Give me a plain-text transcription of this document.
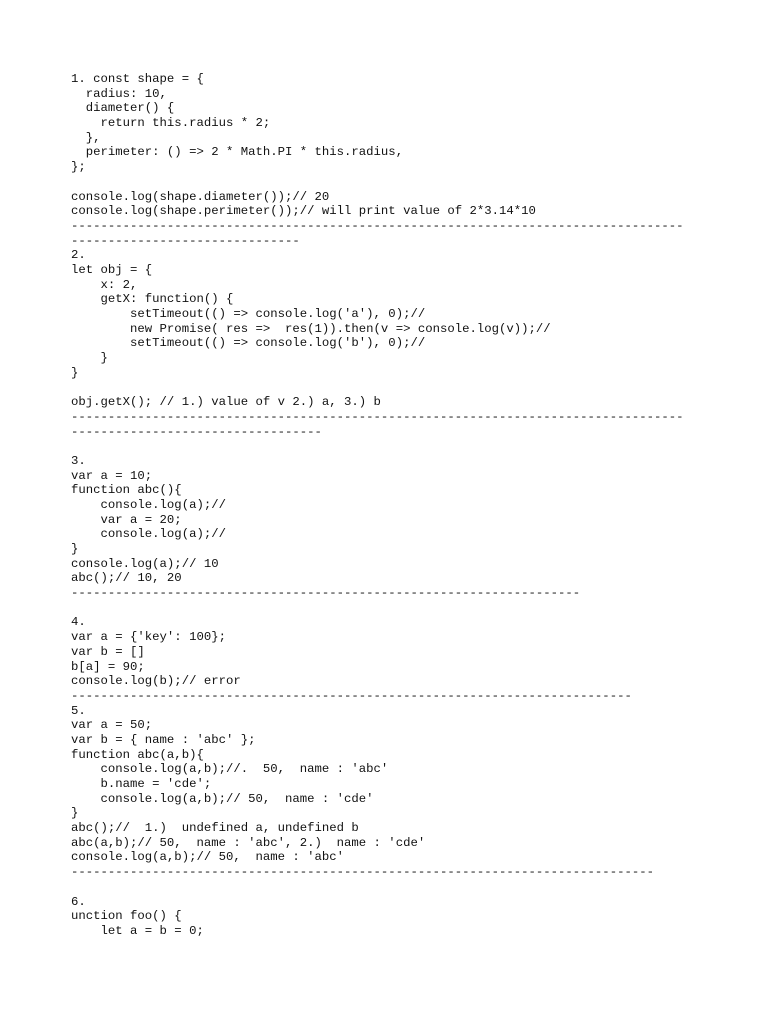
1. const shape = {
radius: 10,
diameter() {
return this.radius * 2;
},
perimeter: () => 2 * Math.PI * this.radius,
};
console.log(shape.diameter());// 20
console.log(shape.perimeter());// will print value of 2*3.14*10
-----------------------------------------------------------------------------------
-------------------------------
2.
let obj = {
x: 2,
getX: function() {
setTimeout(() => console.log('a'), 0);//
new Promise( res =>  res(1)).then(v => console.log(v));//
setTimeout(() => console.log('b'), 0);//
}
}
obj.getX(); // 1.) value of v 2.) a, 3.) b
-----------------------------------------------------------------------------------
----------------------------------
3.
var a = 10;
function abc(){
console.log(a);//
var a = 20;
console.log(a);//
}
console.log(a);// 10
abc();// 10, 20
---------------------------------------------------------------------
4.
var a = {'key': 100};
var b = []
b[a] = 90;
console.log(b);// error
----------------------------------------------------------------------------
5.
var a = 50;
var b = { name : 'abc' };
function abc(a,b){
console.log(a,b);//.  50,  name : 'abc'
b.name = 'cde';
console.log(a,b);// 50,  name : 'cde'
}
abc();//  1.)  undefined a, undefined b
abc(a,b);// 50,  name : 'abc', 2.)  name : 'cde'
console.log(a,b);// 50,  name : 'abc'
-------------------------------------------------------------------------------
6.
unction foo() {
let a = b = 0;
